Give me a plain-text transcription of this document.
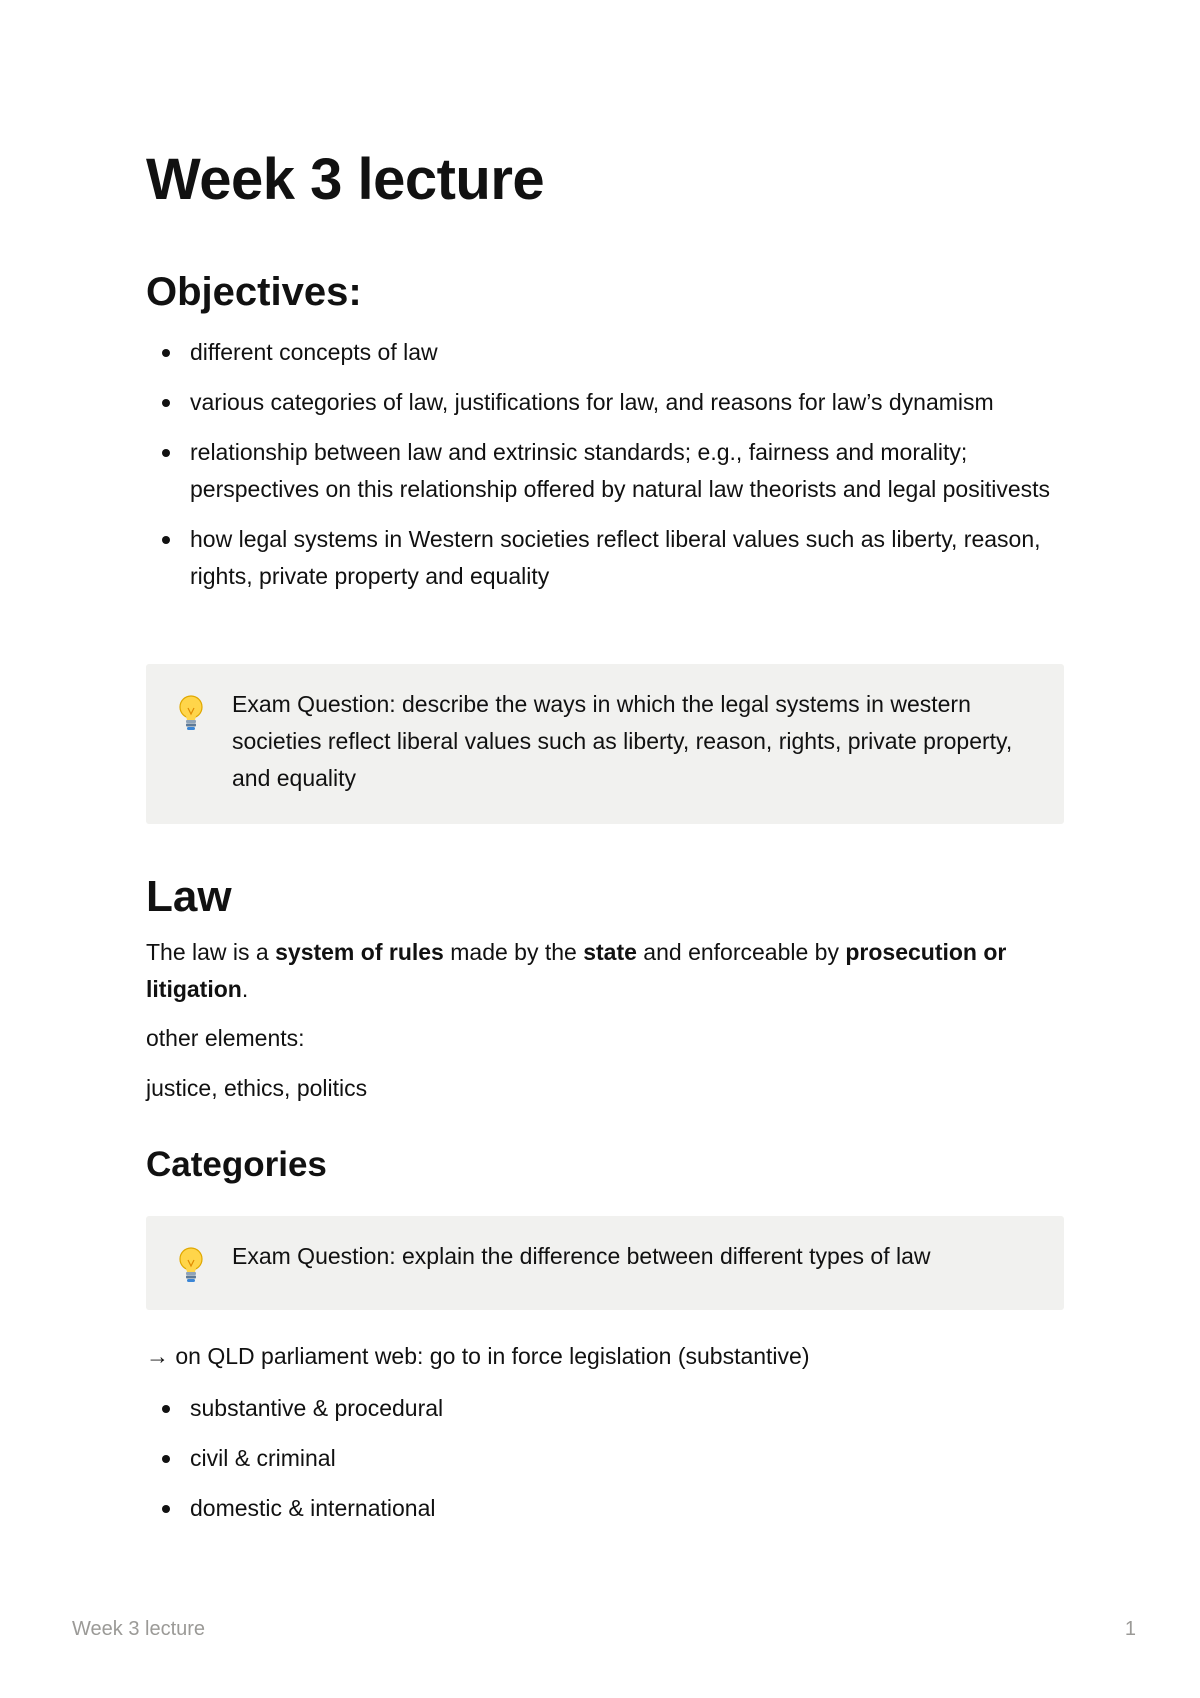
Week 3 lecture
Objectives:
different concepts of law
various categories of law, justifications for law, and reasons for law’s dynamism
relationship between law and extrinsic standards; e.g., fairness and morality; perspectives on this relationship offered by natural law theorists and legal positivests
how legal systems in Western societies reflect liberal values such as liberty, reason, rights, private property and equality
Exam Question: describe the ways in which the legal systems in western societies reflect liberal values such as liberty, reason, rights, private property, and equality
Law

The law is a system of rules made by the state and enforceable by prosecution or litigation.

other elements:

justice, ethics, politics

Categories
Exam Question: explain the difference between different types of law

→ on QLD parliament web: go to in force legislation (substantive)

substantive & procedural
civil & criminal
domestic & international
Week 3 lecture	1
